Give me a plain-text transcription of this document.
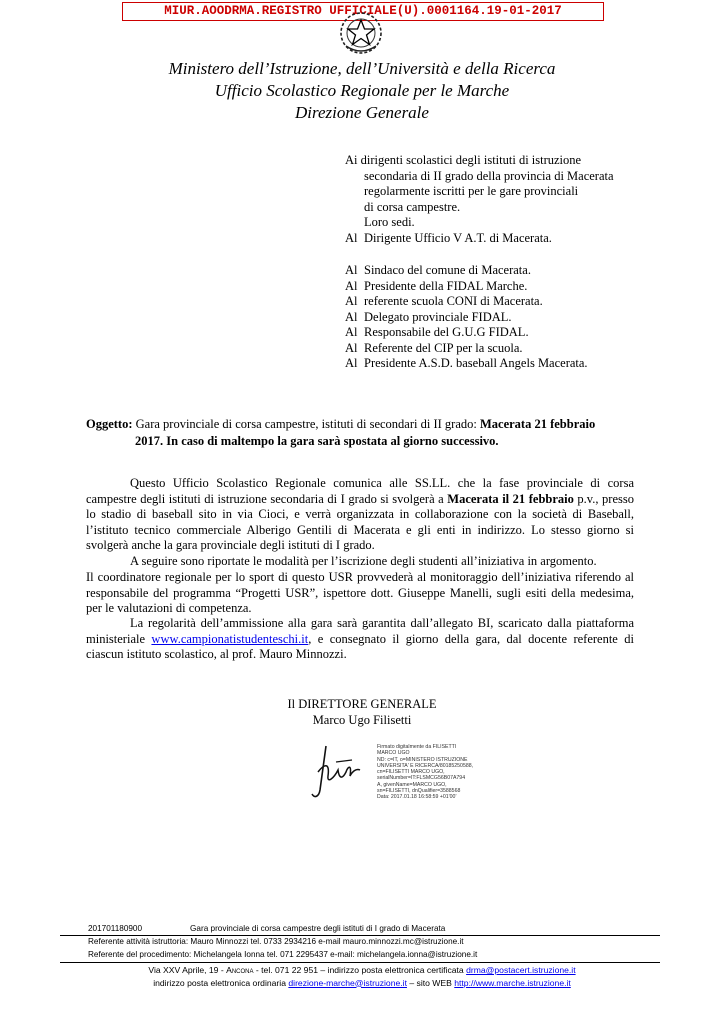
MIUR.AOODRMA.REGISTRO UFFICIALE(U).0001164.19-01-2017
Ministero dell’Istruzione, dell’Università e della Ricerca
Ufficio Scolastico Regionale per le Marche
Direzione Generale
Ai dirigenti scolastici degli istituti di istruzione
secondaria di II grado della provincia di Macerata
regolarmente iscritti per le gare provinciali
di corsa campestre.
Loro sedi.
Al Dirigente Ufficio V A.T. di Macerata.
Al Sindaco del comune di Macerata.
Al Presidente della FIDAL Marche.
Al referente scuola CONI di Macerata.
Al Delegato provinciale FIDAL.
Al Responsabile del G.U.G FIDAL.
Al Referente del CIP per la scuola.
Al Presidente A.S.D. baseball Angels Macerata.
Oggetto: Gara provinciale di corsa campestre, istituti di secondari di II grado: Macerata 21 febbraio
2017. In caso di maltempo la gara sarà spostata al giorno successivo.
Questo Ufficio Scolastico Regionale comunica alle SS.LL. che la fase provinciale di corsa campestre degli istituti di istruzione secondaria di I grado si svolgerà a Macerata il 21 febbraio p.v., presso lo stadio di baseball sito in via Cioci, e verrà organizzata in collaborazione con la società di Baseball, l’istituto tecnico commerciale Alberigo Gentili di Macerata e gli enti in indirizzo. Lo stesso giorno si svolgerà anche la gara provinciale degli istituti di I grado.
A seguire sono riportate le modalità per l’iscrizione degli studenti all’iniziativa in argomento.
Il coordinatore regionale per lo sport di questo USR provvederà al monitoraggio dell’iniziativa riferendo al responsabile del programma “Progetti USR”, ispettore dott. Giuseppe Manelli, sugli esiti della medesima, per le valutazioni di competenza.
La regolarità dell’ammissione alla gara sarà garantita dall’allegato BI, scaricato dalla piattaforma ministeriale www.campionatistudenteschi.it, e consegnato il giorno della gara, dal docente referente di ciascun istituto scolastico, al prof. Mauro Minnozzi.
Il DIRETTORE GENERALE
Marco Ugo Filisetti
Firmato digitalmente da FILISETTI
MARCO UGO
ND: c=IT, o=MINISTERO ISTRUZIONE
UNIVERSITA' E RICERCA/80185250588,
cn=FILISETTI MARCO UGO,
serialNumber=IT:FLSMCG56B07A794
A, givenName=MARCO UGO,
sn=FILISETTI, dnQualifier=3588568
Data: 2017.01.18 16:58:59 +01'00'
201701180900	Gara provinciale di corsa campestre degli istituti di I grado di Macerata
Referente attività istruttoria: Mauro Minnozzi tel. 0733 2934216 e-mail mauro.minnozzi.mc@istruzione.it
Referente del procedimento: Michelangela Ionna tel. 071 2295437 e-mail: michelangela.ionna@istruzione.it
Via XXV Aprile, 19 - Ancona - tel. 071 22 951 – indirizzo posta elettronica certificata drma@postacert.istruzione.it
indirizzo posta elettronica ordinaria direzione-marche@istruzione.it – sito WEB http://www.marche.istruzione.it
